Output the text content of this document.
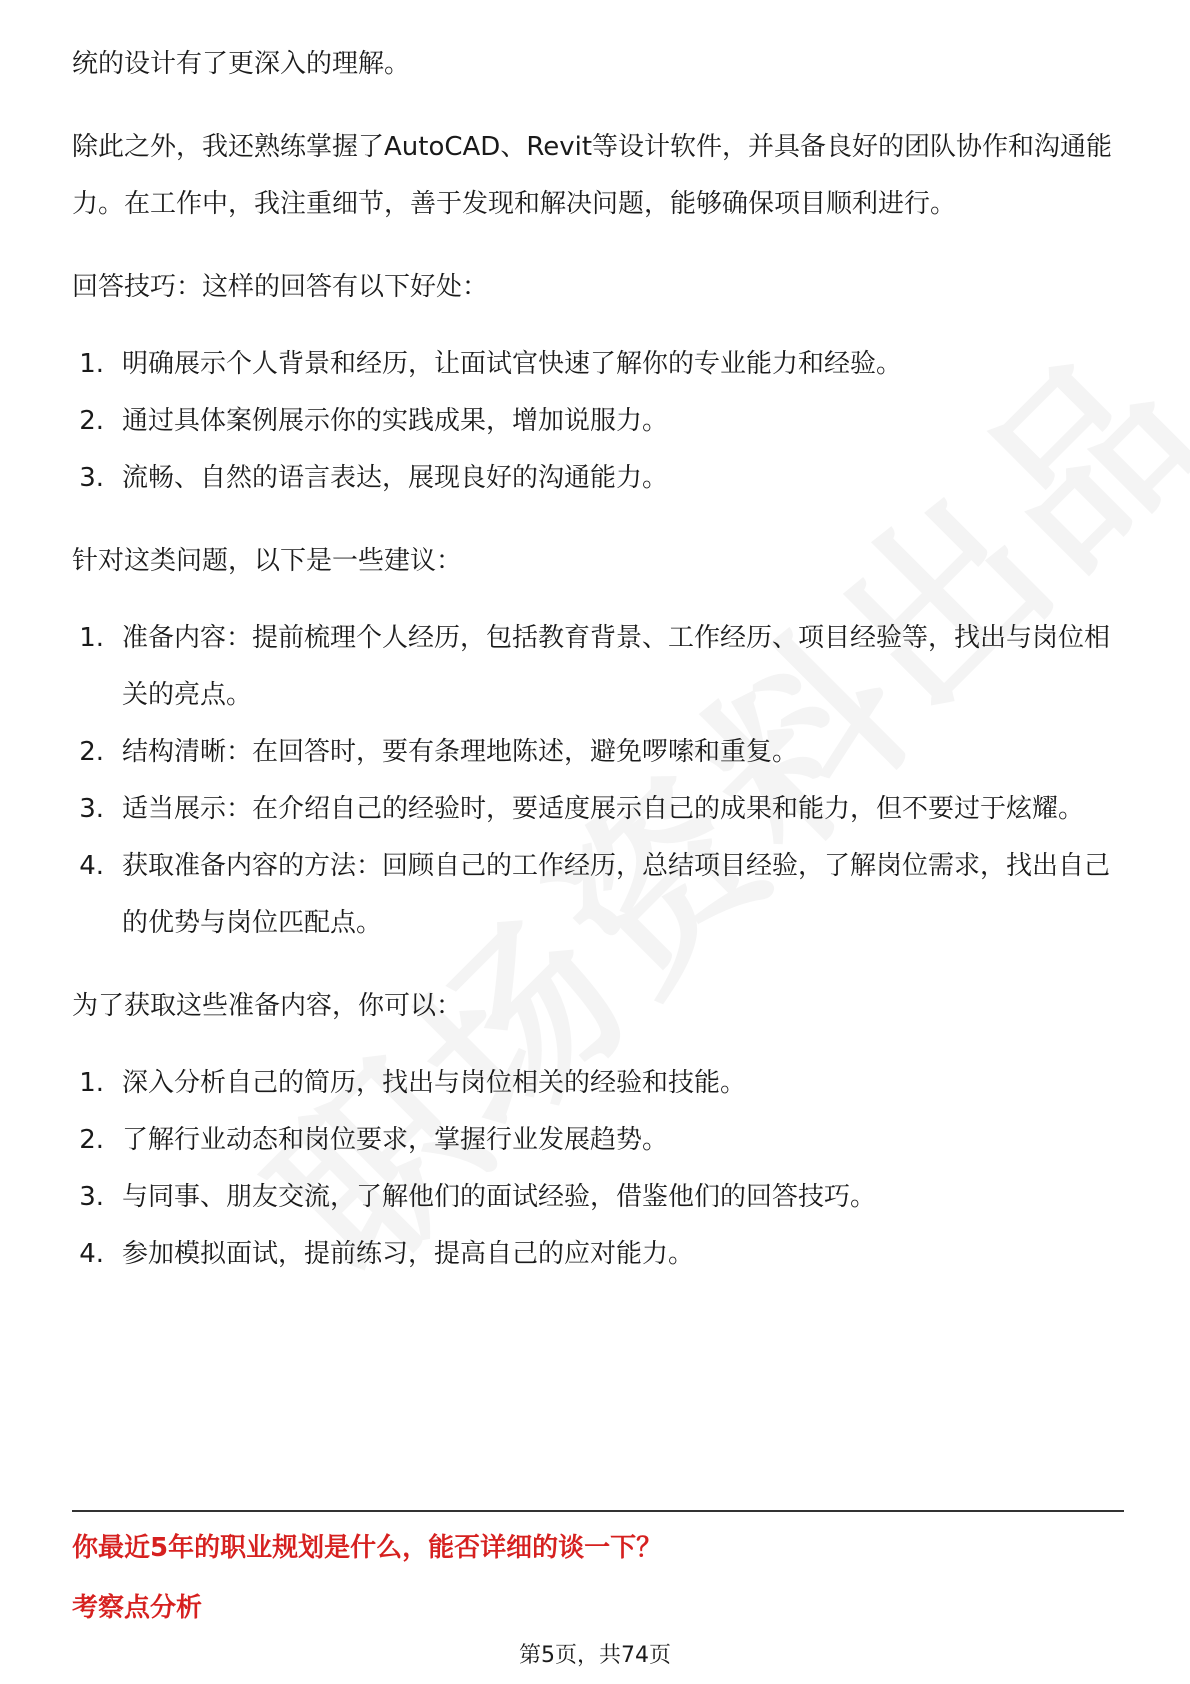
统的设计有了更深入的理解。

除此之外，我还熟练掌握了AutoCAD、Revit等设计软件，并具备良好的团队协作和沟通能力。在工作中，我注重细节，善于发现和解决问题，能够确保项目顺利进行。

回答技巧：这样的回答有以下好处：

1. 明确展示个人背景和经历，让面试官快速了解你的专业能力和经验。
2. 通过具体案例展示你的实践成果，增加说服力。
3. 流畅、自然的语言表达，展现良好的沟通能力。

针对这类问题，以下是一些建议：

1. 准备内容：提前梳理个人经历，包括教育背景、工作经历、项目经验等，找出与岗位相关的亮点。
2. 结构清晰：在回答时，要有条理地陈述，避免啰嗦和重复。
3. 适当展示：在介绍自己的经验时，要适度展示自己的成果和能力，但不要过于炫耀。
4. 获取准备内容的方法：回顾自己的工作经历，总结项目经验，了解岗位需求，找出自己的优势与岗位匹配点。

为了获取这些准备内容，你可以：

1. 深入分析自己的简历，找出与岗位相关的经验和技能。
2. 了解行业动态和岗位要求，掌握行业发展趋势。
3. 与同事、朋友交流，了解他们的面试经验，借鉴他们的回答技巧。
4. 参加模拟面试，提前练习，提高自己的应对能力。
你最近5年的职业规划是什么，能否详细的谈一下？
考察点分析
第5页，共74页
